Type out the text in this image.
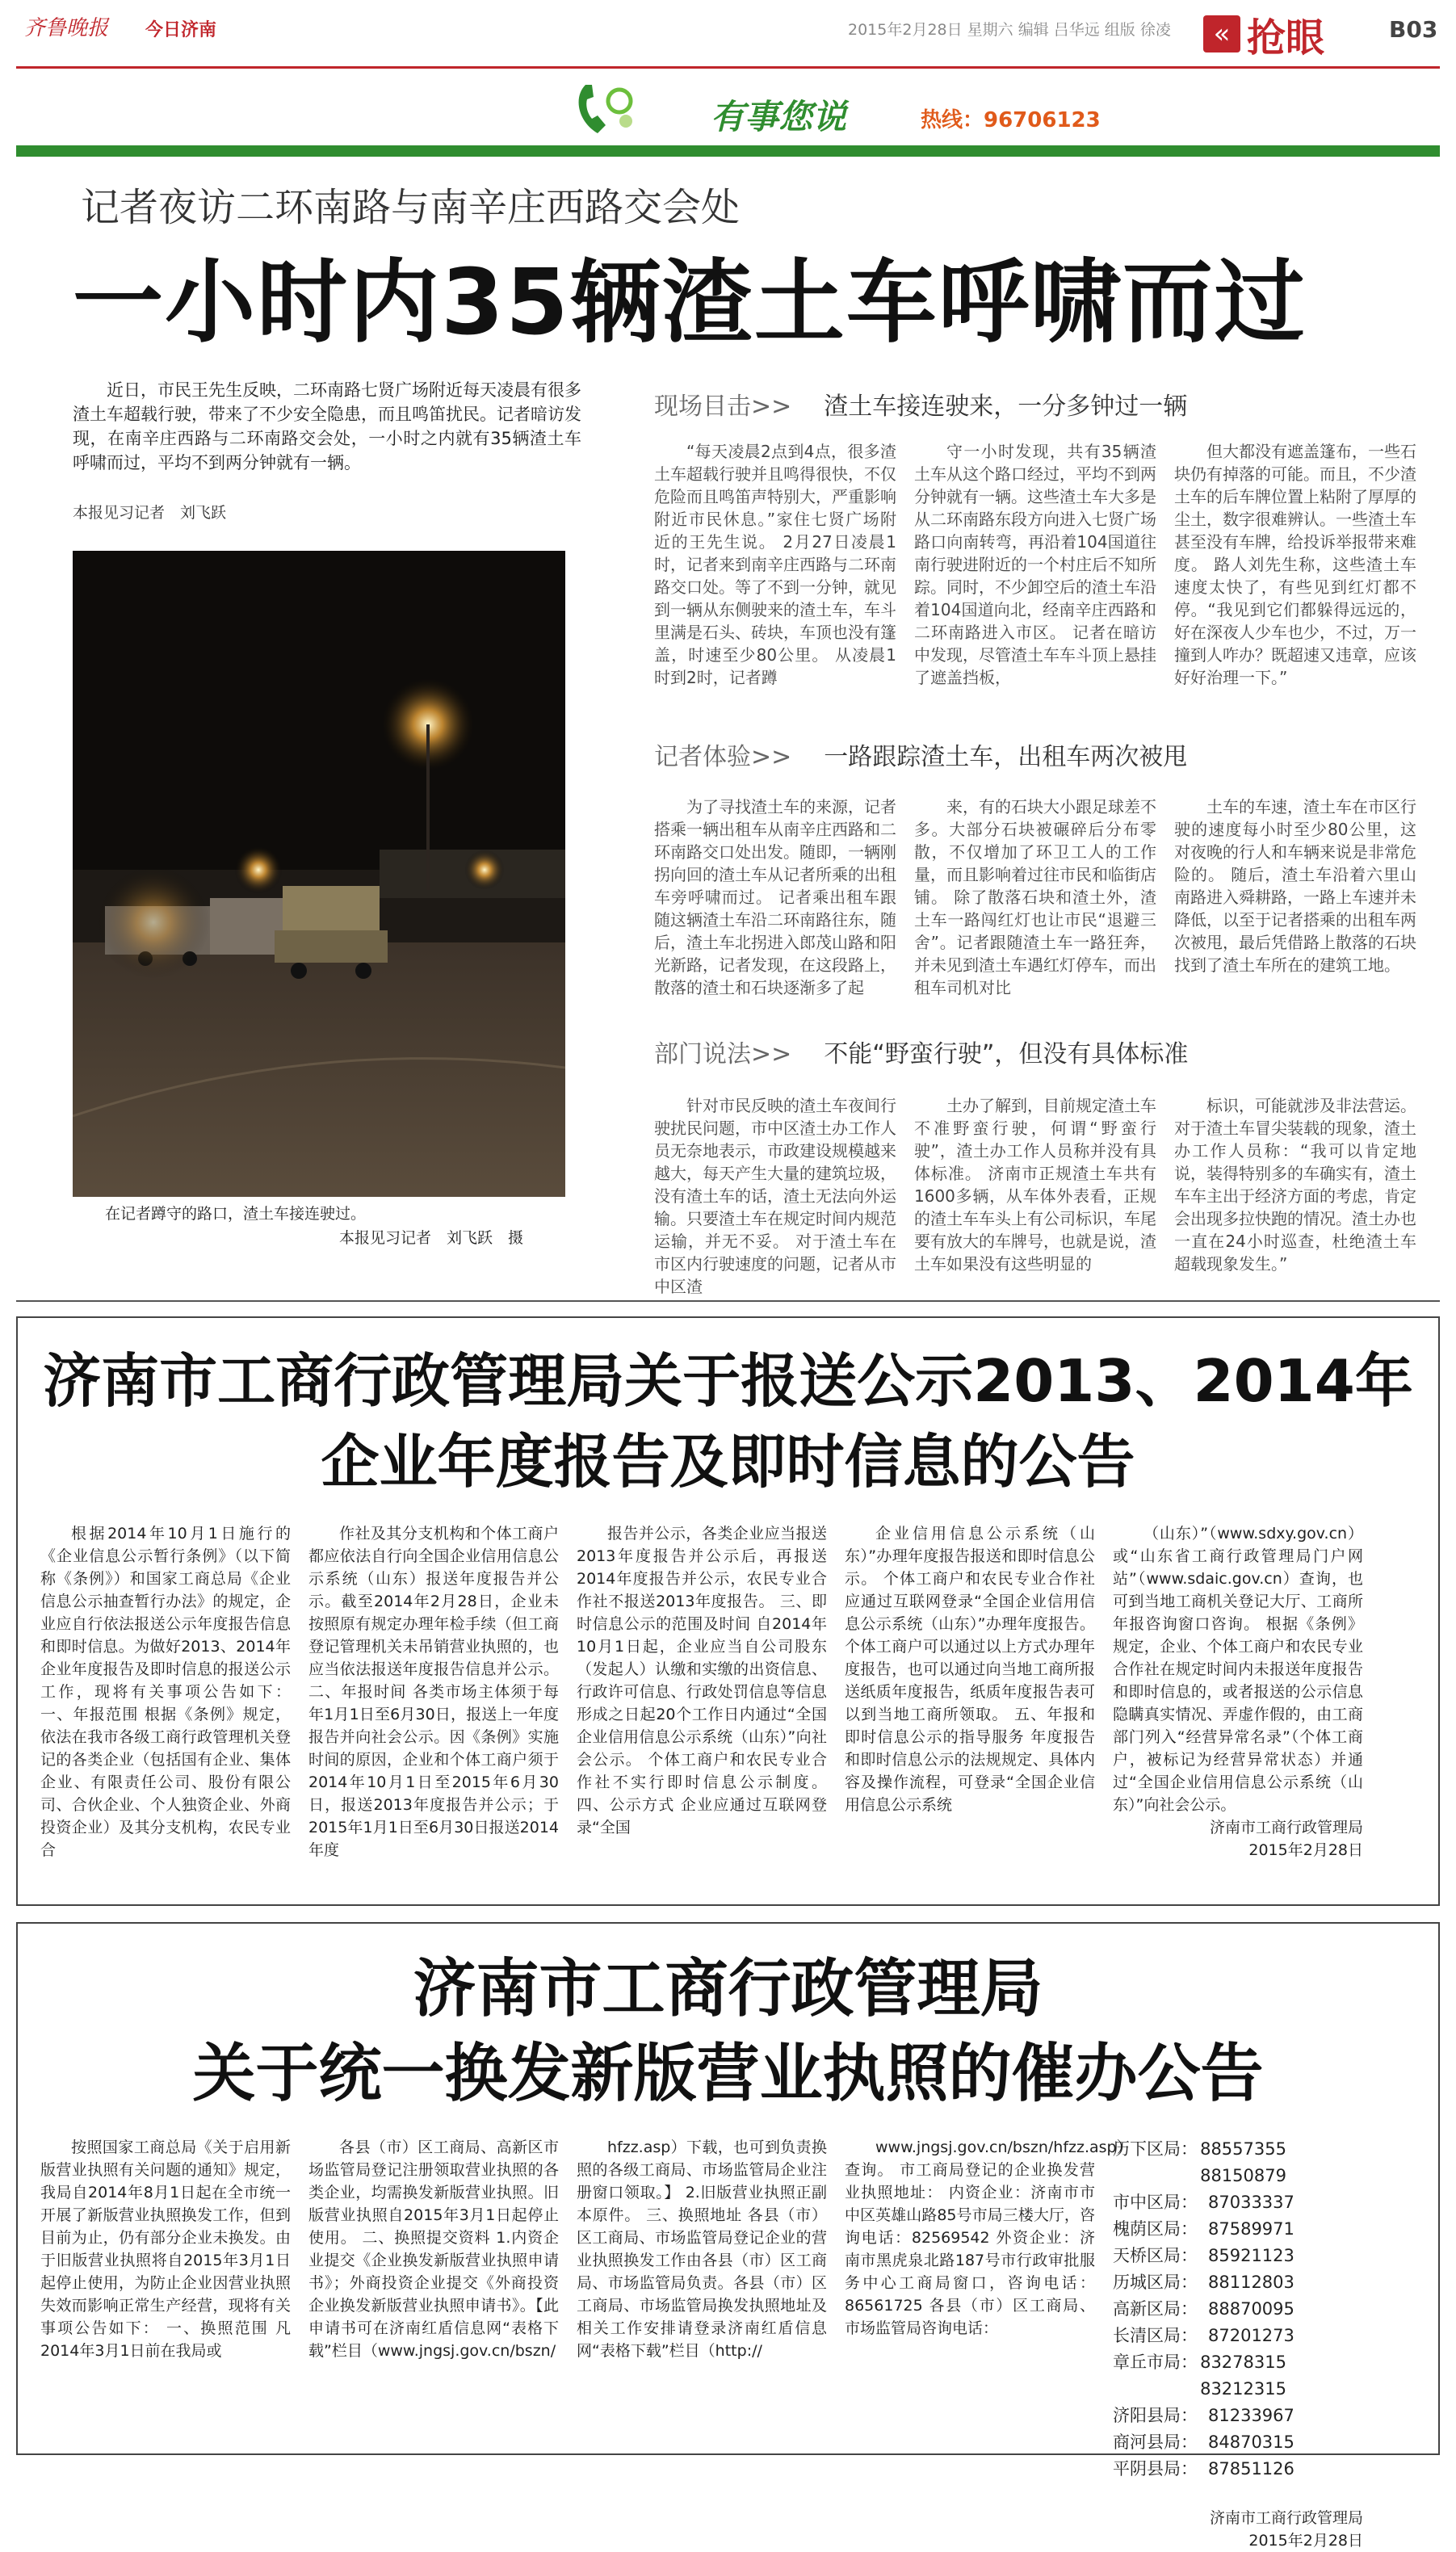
齐鲁晚报 今日济南	2015年2月28日 星期六 编辑 吕华远 组版 徐凌	« 抢眼	B03
有事您说	热线：96706123
记者夜访二环南路与南辛庄西路交会处
一小时内35辆渣土车呼啸而过
近日，市民王先生反映，二环南路七贤广场附近每天凌晨有很多渣土车超载行驶，带来了不少安全隐患，而且鸣笛扰民。记者暗访发现，在南辛庄西路与二环南路交会处，一小时之内就有35辆渣土车呼啸而过，平均不到两分钟就有一辆。
本报见习记者　刘飞跃
在记者蹲守的路口，渣土车接连驶过。
本报见习记者　刘飞跃　摄
现场目击>> 渣土车接连驶来，一分多钟过一辆
“每天凌晨2点到4点，很多渣土车超载行驶并且鸣得很快，不仅危险而且鸣笛声特别大，严重影响附近市民休息。”家住七贤广场附近的王先生说。 2月27日凌晨1时，记者来到南辛庄西路与二环南路交口处。等了不到一分钟，就见到一辆从东侧驶来的渣土车，车斗里满是石头、砖块，车顶也没有篷盖，时速至少80公里。 从凌晨1时到2时，记者蹲
守一小时发现，共有35辆渣土车从这个路口经过，平均不到两分钟就有一辆。这些渣土车大多是从二环南路东段方向进入七贤广场路口向南转弯，再沿着104国道往南行驶进附近的一个村庄后不知所踪。同时，不少卸空后的渣土车沿着104国道向北，经南辛庄西路和二环南路进入市区。 记者在暗访中发现，尽管渣土车车斗顶上悬挂了遮盖挡板，
但大都没有遮盖篷布，一些石块仍有掉落的可能。而且，不少渣土车的后车牌位置上粘附了厚厚的尘土，数字很难辨认。一些渣土车甚至没有车牌，给投诉举报带来难度。 路人刘先生称，这些渣土车速度太快了，有些见到红灯都不停。“我见到它们都躲得远远的，好在深夜人少车也少，不过，万一撞到人咋办？既超速又违章，应该好好治理一下。”
记者体验>> 一路跟踪渣土车，出租车两次被甩
为了寻找渣土车的来源，记者搭乘一辆出租车从南辛庄西路和二环南路交口处出发。随即，一辆刚拐向回的渣土车从记者所乘的出租车旁呼啸而过。 记者乘出租车跟随这辆渣土车沿二环南路往东，随后，渣土车北拐进入郎茂山路和阳光新路，记者发现，在这段路上，散落的渣土和石块逐渐多了起
来，有的石块大小跟足球差不多。大部分石块被碾碎后分布零散，不仅增加了环卫工人的工作量，而且影响着过往市民和临街店铺。 除了散落石块和渣土外，渣土车一路闯红灯也让市民“退避三舍”。记者跟随渣土车一路狂奔，并未见到渣土车遇红灯停车，而出租车司机对比
土车的车速，渣土车在市区行驶的速度每小时至少80公里，这对夜晚的行人和车辆来说是非常危险的。 随后，渣土车沿着六里山南路进入舜耕路，一路上车速并未降低，以至于记者搭乘的出租车两次被甩，最后凭借路上散落的石块找到了渣土车所在的建筑工地。
部门说法>> 不能“野蛮行驶”，但没有具体标准
针对市民反映的渣土车夜间行驶扰民问题，市中区渣土办工作人员无奈地表示，市政建设规模越来越大，每天产生大量的建筑垃圾，没有渣土车的话，渣土无法向外运输。只要渣土车在规定时间内规范运输，并无不妥。 对于渣土车在市区内行驶速度的问题，记者从市中区渣
土办了解到，目前规定渣土车不准野蛮行驶，何谓“野蛮行驶”，渣土办工作人员称并没有具体标准。 济南市正规渣土车共有1600多辆，从车体外表看，正规的渣土车车头上有公司标识，车尾要有放大的车牌号，也就是说，渣土车如果没有这些明显的
标识，可能就涉及非法营运。 对于渣土车冒尖装载的现象，渣土办工作人员称：“我可以肯定地说，装得特别多的车确实有，渣土车车主出于经济方面的考虑，肯定会出现多拉快跑的情况。渣土办也一直在24小时巡查，杜绝渣土车超载现象发生。”
济南市工商行政管理局关于报送公示2013、2014年企业年度报告及即时信息的公告
根据2014年10月1日施行的《企业信息公示暂行条例》（以下简称《条例》）和国家工商总局《企业信息公示抽查暂行办法》的规定，企业应自行依法报送公示年度报告信息和即时信息。为做好2013、2014年企业年度报告及即时信息的报送公示工作，现将有关事项公告如下： 一、年报范围 根据《条例》规定，依法在我市各级工商行政管理机关登记的各类企业（包括国有企业、集体企业、有限责任公司、股份有限公司、合伙企业、个人独资企业、外商投资企业）及其分支机构，农民专业合
作社及其分支机构和个体工商户都应依法自行向全国企业信用信息公示系统（山东）报送年度报告并公示。截至2014年2月28日，企业未按照原有规定办理年检手续（但工商登记管理机关未吊销营业执照的，也应当依法报送年度报告信息并公示。 二、年报时间 各类市场主体须于每年1月1日至6月30日，报送上一年度报告并向社会公示。因《条例》实施时间的原因，企业和个体工商户须于2014年10月1日至2015年6月30日，报送2013年度报告并公示；于2015年1月1日至6月30日报送2014年度
报告并公示，各类企业应当报送2013年度报告并公示后，再报送2014年度报告并公示，农民专业合作社不报送2013年度报告。 三、即时信息公示的范围及时间 自2014年10月1日起，企业应当自公司股东（发起人）认缴和实缴的出资信息、行政许可信息、行政处罚信息等信息形成之日起20个工作日内通过“全国企业信用信息公示系统（山东）”向社会公示。 个体工商户和农民专业合作社不实行即时信息公示制度。 四、公示方式 企业应通过互联网登录“全国
企业信用信息公示系统（山东）”办理年度报告报送和即时信息公示。 个体工商户和农民专业合作社应通过互联网登录“全国企业信用信息公示系统（山东）”办理年度报告。 个体工商户可以通过以上方式办理年度报告，也可以通过向当地工商所报送纸质年度报告，纸质年度报告表可以到当地工商所领取。 五、年报和即时信息公示的指导服务 年度报告和即时信息公示的法规规定、具体内容及操作流程，可登录“全国企业信用信息公示系统
（山东）”（www.sdxy.gov.cn）或“山东省工商行政管理局门户网站”（www.sdaic.gov.cn）查询，也可到当地工商机关登记大厅、工商所年报咨询窗口咨询。 根据《条例》规定，企业、个体工商户和农民专业合作社在规定时间内未报送年度报告和即时信息的，或者报送的公示信息隐瞒真实情况、弄虚作假的，由工商部门列入“经营异常名录”（个体工商户，被标记为经营异常状态）并通过“全国企业信用信息公示系统（山东）”向社会公示。
济南市工商行政管理局
2015年2月28日
济南市工商行政管理局
关于统一换发新版营业执照的催办公告
按照国家工商总局《关于启用新版营业执照有关问题的通知》规定，我局自2014年8月1日起在全市统一开展了新版营业执照换发工作，但到目前为止，仍有部分企业未换发。由于旧版营业执照将自2015年3月1日起停止使用，为防止企业因营业执照失效而影响正常生产经营，现将有关事项公告如下： 一、换照范围 凡2014年3月1日前在我局或
各县（市）区工商局、高新区市场监管局登记注册领取营业执照的各类企业，均需换发新版营业执照。旧版营业执照自2015年3月1日起停止使用。 二、换照提交资料 1.内资企业提交《企业换发新版营业执照申请书》；外商投资企业提交《外商投资企业换发新版营业执照申请书》。【此申请书可在济南红盾信息网“表格下载”栏目（www.jngsj.gov.cn/bszn/
hfzz.asp）下载，也可到负责换照的各级工商局、市场监管局企业注册窗口领取。】 2.旧版营业执照正副本原件。 三、换照地址 各县（市）区工商局、市场监管局登记企业的营业执照换发工作由各县（市）区工商局、市场监管局负责。各县（市）区工商局、市场监管局换发执照地址及相关工作安排请登录济南红盾信息网“表格下载”栏目（http://
www.jngsj.gov.cn/bszn/hfzz.asp）查询。 市工商局登记的企业换发营业执照地址： 内资企业：济南市市中区英雄山路85号市局三楼大厅，咨询电话：82569542 外资企业：济南市黑虎泉北路187号市行政审批服务中心工商局窗口，咨询电话：86561725 各县（市）区工商局、市场监管局咨询电话：
历下区局： 88557355 88150879
市中区局： 87033337
槐荫区局： 87589971
天桥区局： 85921123
历城区局： 88112803
高新区局： 88870095
长清区局： 87201273
章丘市局： 83278315 83212315
济阳县局： 81233967
商河县局： 84870315
平阴县局： 87851126
济南市工商行政管理局
2015年2月28日
